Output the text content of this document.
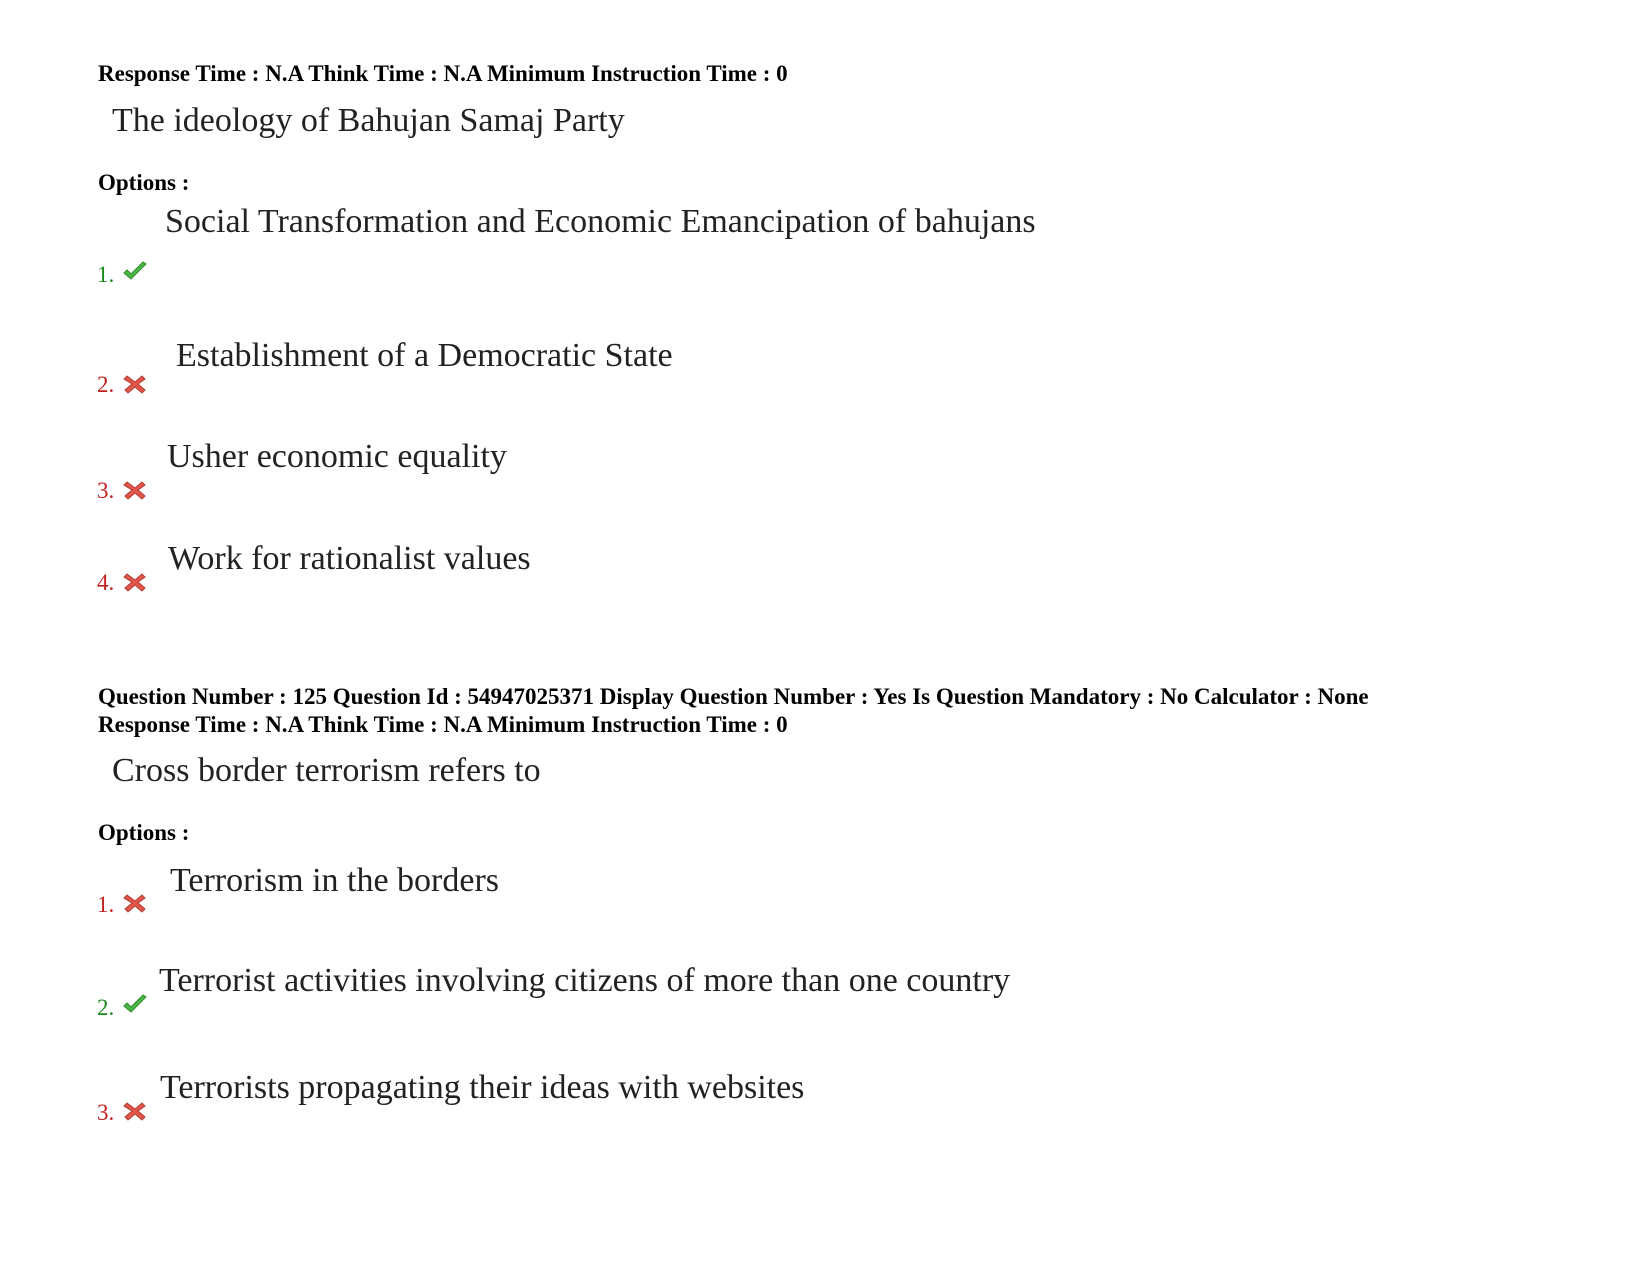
Response Time : N.A Think Time : N.A Minimum Instruction Time : 0
The ideology of Bahujan Samaj Party
Options :
1.
Social Transformation and Economic Emancipation of bahujans
2.
Establishment of a Democratic State
3.
Usher economic equality
4.
Work for rationalist values
Question Number : 125 Question Id : 54947025371 Display Question Number : Yes Is Question Mandatory : No Calculator : None
Response Time : N.A Think Time : N.A Minimum Instruction Time : 0
Cross border terrorism refers to
Options :
1.
Terrorism in the borders
2.
Terrorist activities involving citizens of more than one country
3.
Terrorists propagating their ideas with websites
